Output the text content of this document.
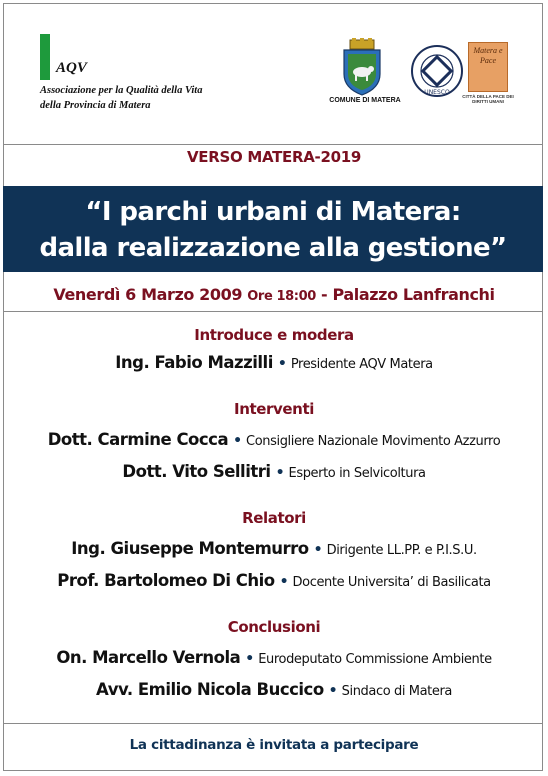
AQV
Associazione per la Qualità della Vita
della Provincia di Matera	COMUNE DI MATERA
UNESCO
Matera e Pace
CITTÀ DELLA PACE DEI DIRITTI UMANI
VERSO MATERA-2019
“I parchi urbani di Matera:
dalla realizzazione alla gestione”
Venerdì 6 Marzo 2009 Ore 18:00 - Palazzo Lanfranchi
Introduce e modera
Ing. Fabio Mazzilli • Presidente AQV Matera
Interventi
Dott. Carmine Cocca • Consigliere Nazionale Movimento Azzurro
Dott. Vito Sellitri • Esperto in Selvicoltura
Relatori
Ing. Giuseppe Montemurro • Dirigente LL.PP. e P.I.S.U.
Prof. Bartolomeo Di Chio • Docente Universita’ di Basilicata
Conclusioni
On. Marcello Vernola • Eurodeputato Commissione Ambiente
Avv. Emilio Nicola Buccico • Sindaco di Matera
La cittadinanza è invitata a partecipare
